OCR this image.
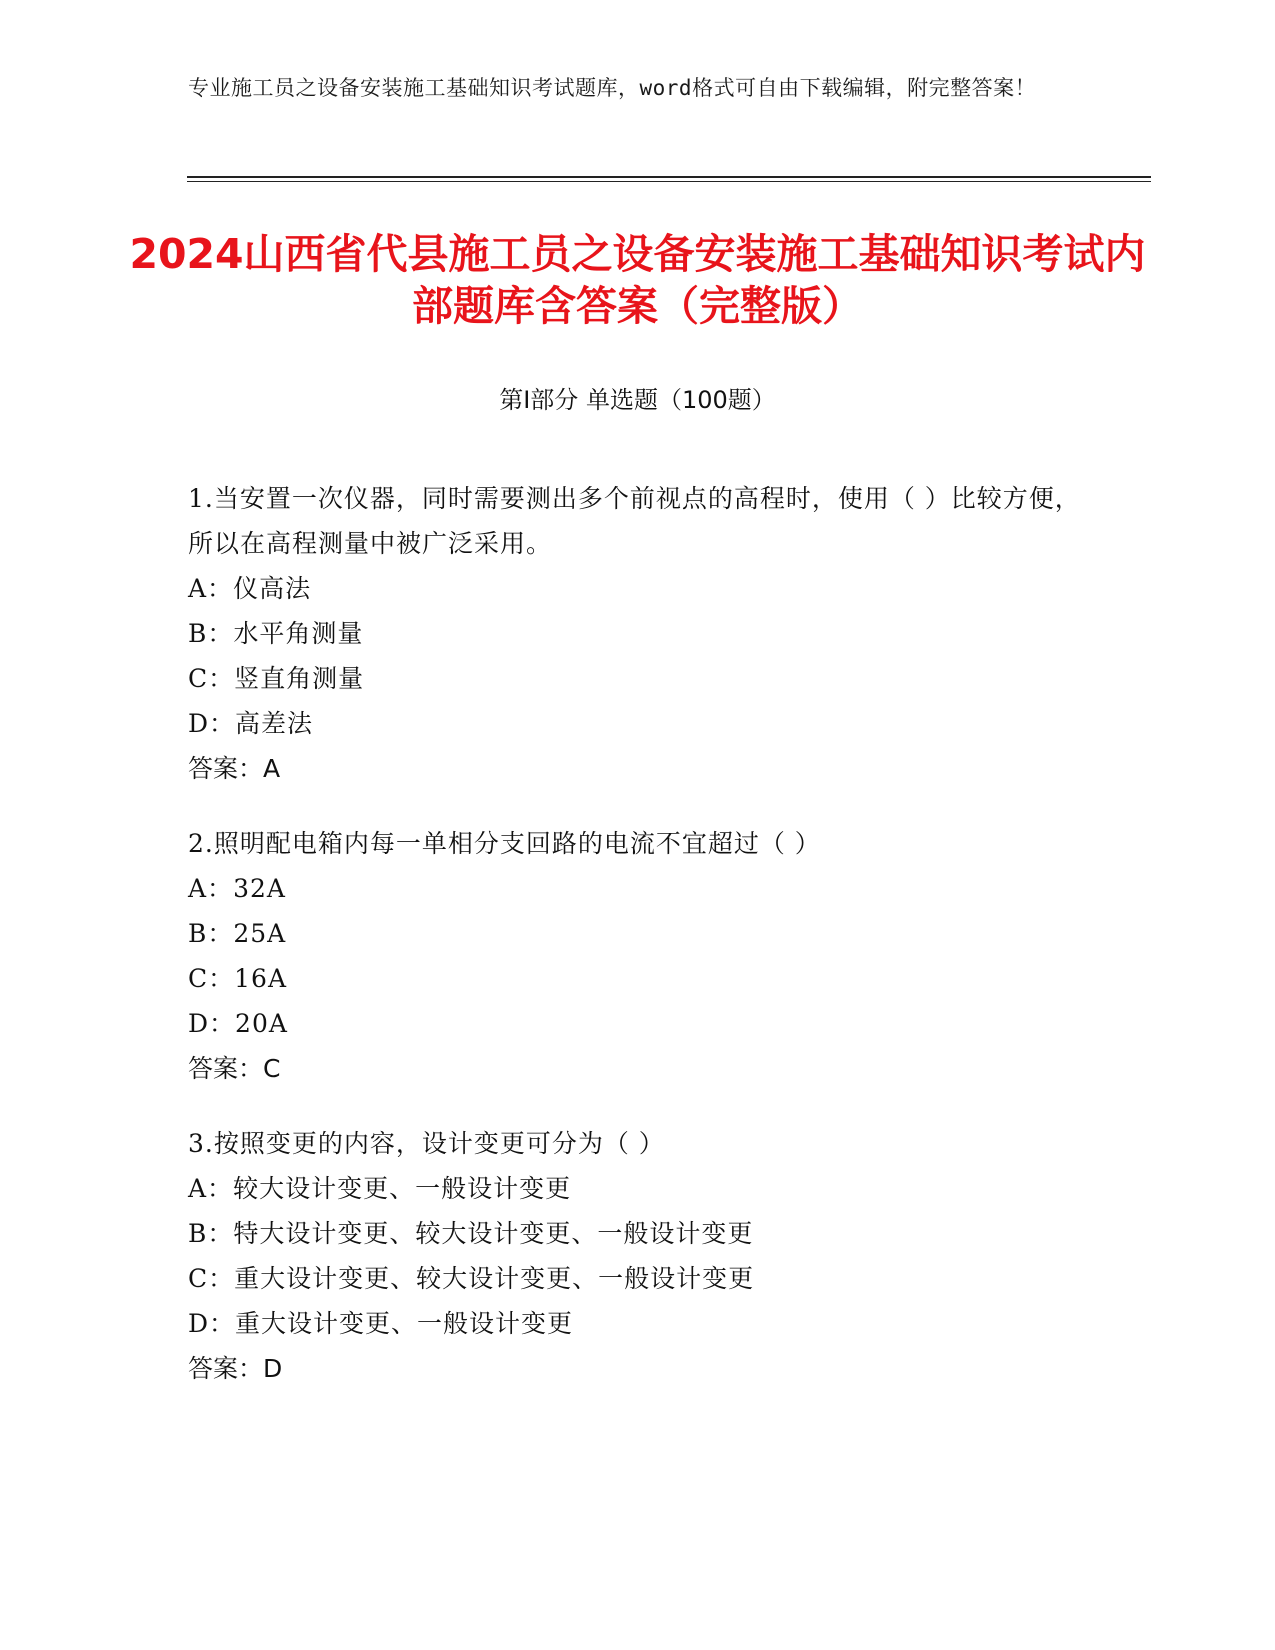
专业施工员之设备安装施工基础知识考试题库，word格式可自由下载编辑，附完整答案！
2024山西省代县施工员之设备安装施工基础知识考试内部题库含答案（完整版）
第I部分 单选题（100题）
1.当安置一次仪器，同时需要测出多个前视点的高程时，使用（ ）比较方便，所以在高程测量中被广泛采用。
A：仪高法
B：水平角测量
C：竖直角测量
D：高差法
答案：A
2.照明配电箱内每一单相分支回路的电流不宜超过（ ）
A：32A
B：25A
C：16A
D：20A
答案：C
3.按照变更的内容，设计变更可分为（ ）
A：较大设计变更、一般设计变更
B：特大设计变更、较大设计变更、一般设计变更
C：重大设计变更、较大设计变更、一般设计变更
D：重大设计变更、一般设计变更
答案：D
